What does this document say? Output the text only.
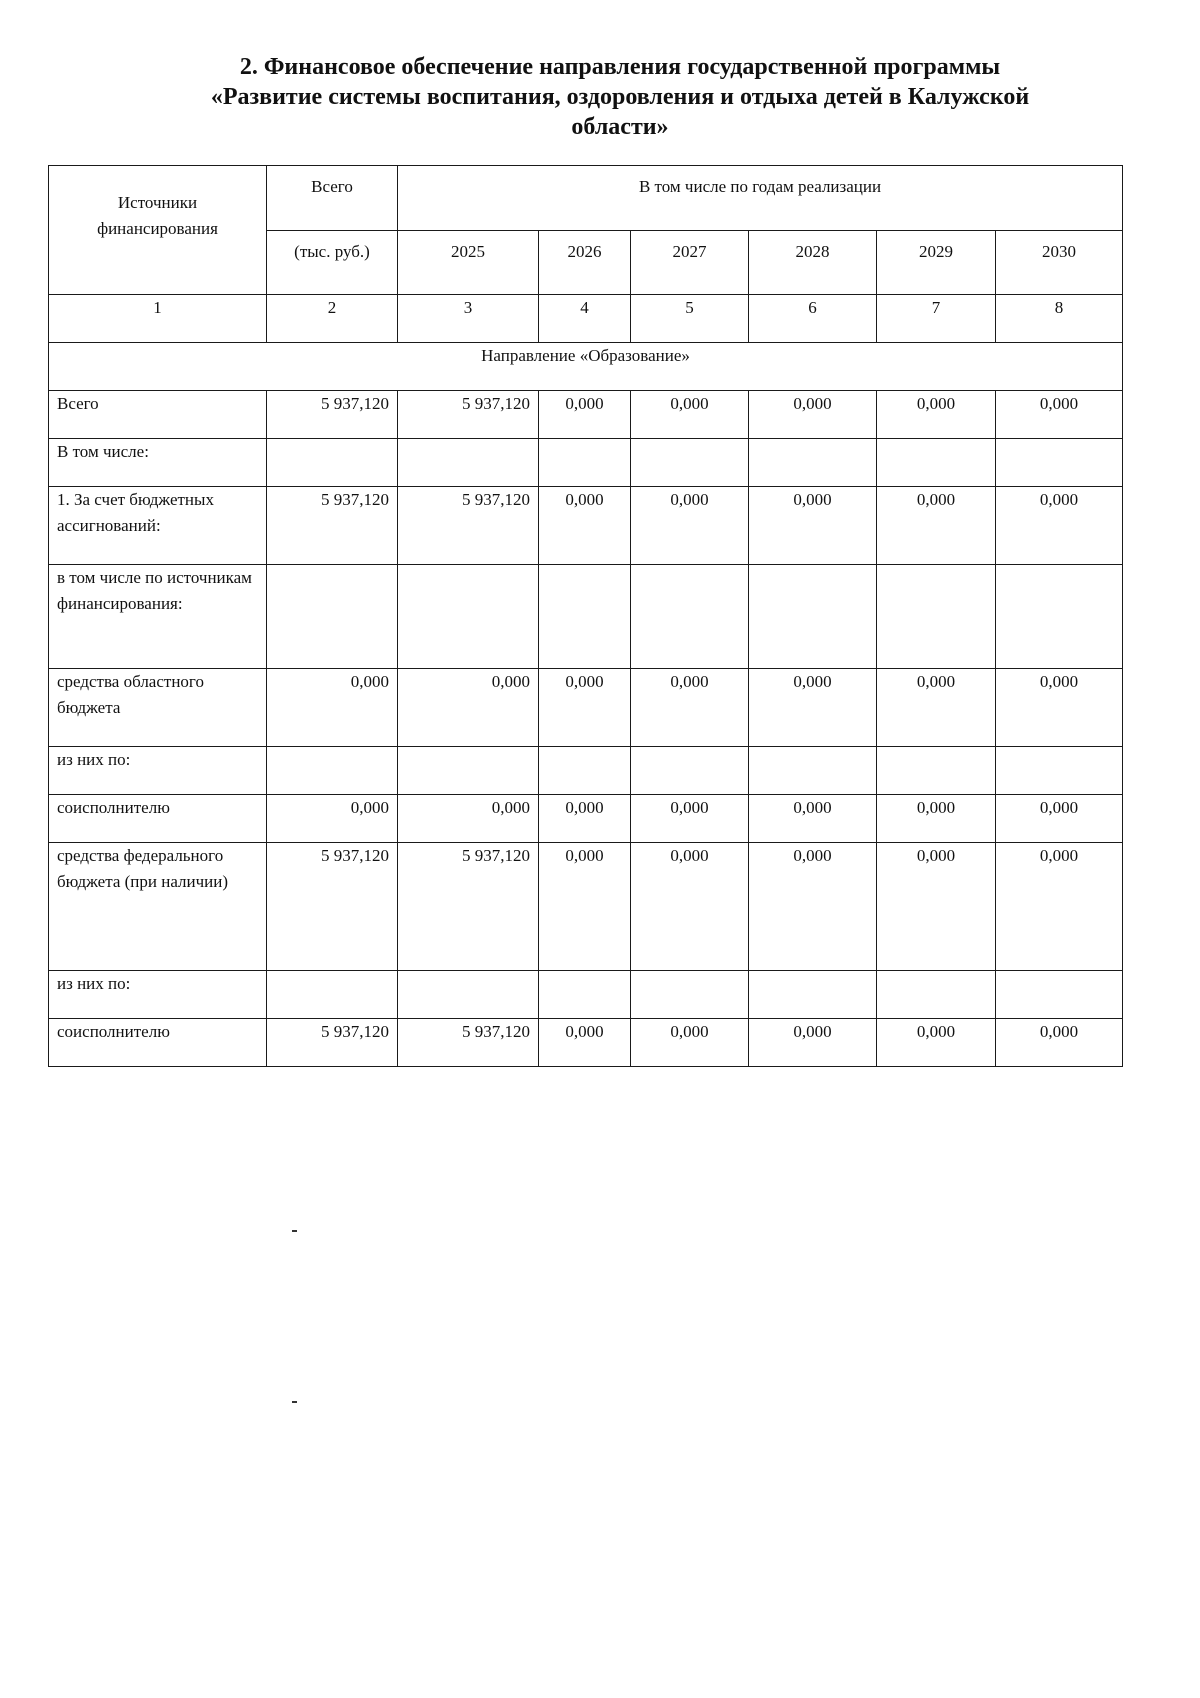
2. Финансовое обеспечение направления государственной программы
«Развитие системы воспитания, оздоровления и отдыха детей в Калужской
области»
Источники финансирования	Всего	В том числе по годам реализации					
	(тыс. руб.)	2025	2026	2027	2028	2029	2030
1	2	3	4	5	6	7	8
Направление «Образование»							
Всего	5 937,120	5 937,120	0,000	0,000	0,000	0,000	0,000
В том числе:							
1. За счет бюджетных ассигнований:	5 937,120	5 937,120	0,000	0,000	0,000	0,000	0,000
в том числе по источникам финансирования:							
средства областного бюджета	0,000	0,000	0,000	0,000	0,000	0,000	0,000
из них по:							
соисполнителю	0,000	0,000	0,000	0,000	0,000	0,000	0,000
средства федерального бюджета (при наличии)	5 937,120	5 937,120	0,000	0,000	0,000	0,000	0,000
из них по:							
соисполнителю	5 937,120	5 937,120	0,000	0,000	0,000	0,000	0,000
